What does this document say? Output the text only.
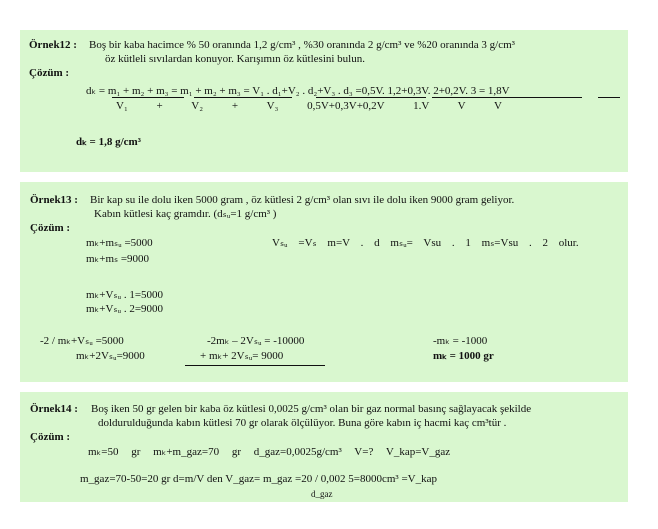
Örnek12 : Boş bir kaba hacimce % 50 oranında 1,2 g/cm³ , %30 oranında 2 g/cm³ ve %20 oranında 3 g/cm³
öz kütleli sıvılardan konuyor. Karışımın öz kütlesini bulun.
Çözüm :
dₖ = m₁ + m₂ + m₃ = m₁ + m₂ + m₃ = V₁ . d₁+V₂ . d₂+V₃ . d₃ =0,5V. 1,2+0,3V. 2+0,2V. 3 = 1,8V
V₁ + V₂ + V₃ 0,5V+0,3V+0,2V 1.V V V
dₖ = 1,8 g/cm³
Örnek13 : Bir kap su ile dolu iken 5000 gram , öz kütlesi 2 g/cm³ olan sıvı ile dolu iken 9000 gram geliyor.
Kabın kütlesi kaç gramdır. (dₛᵤ=1 g/cm³ )
Çözüm :
mₖ+mₛᵤ =5000
mₖ+mₛ =9000
Vₛᵤ =Vₛ m=V . d mₛᵤ= Vsu . 1 mₛ=Vsu . 2 olur.
mₖ+Vₛᵤ . 1=5000
mₖ+Vₛᵤ . 2=9000
-2 / mₖ+Vₛᵤ =5000
mₖ+2Vₛᵤ=9000
-2mₖ – 2Vₛᵤ = -10000
+ mₖ+ 2Vₛᵤ= 9000
-mₖ = -1000
mₖ = 1000 gr
Örnek14 : Boş iken 50 gr gelen bir kaba öz kütlesi 0,0025 g/cm³ olan bir gaz normal basınç sağlayacak şekilde
doldurulduğunda kabın kütlesi 70 gr olarak ölçülüyor. Buna göre kabın iç hacmi kaç cm³tür .
Çözüm :
mₖ=50 gr mₖ+m_gaz=70 gr d_gaz=0,0025g/cm³ V=? V_kap=V_gaz
m_gaz=70-50=20 gr d=m/V den V_gaz= m_gaz =20 / 0,002 5=8000cm³ =V_kap
d_gaz
